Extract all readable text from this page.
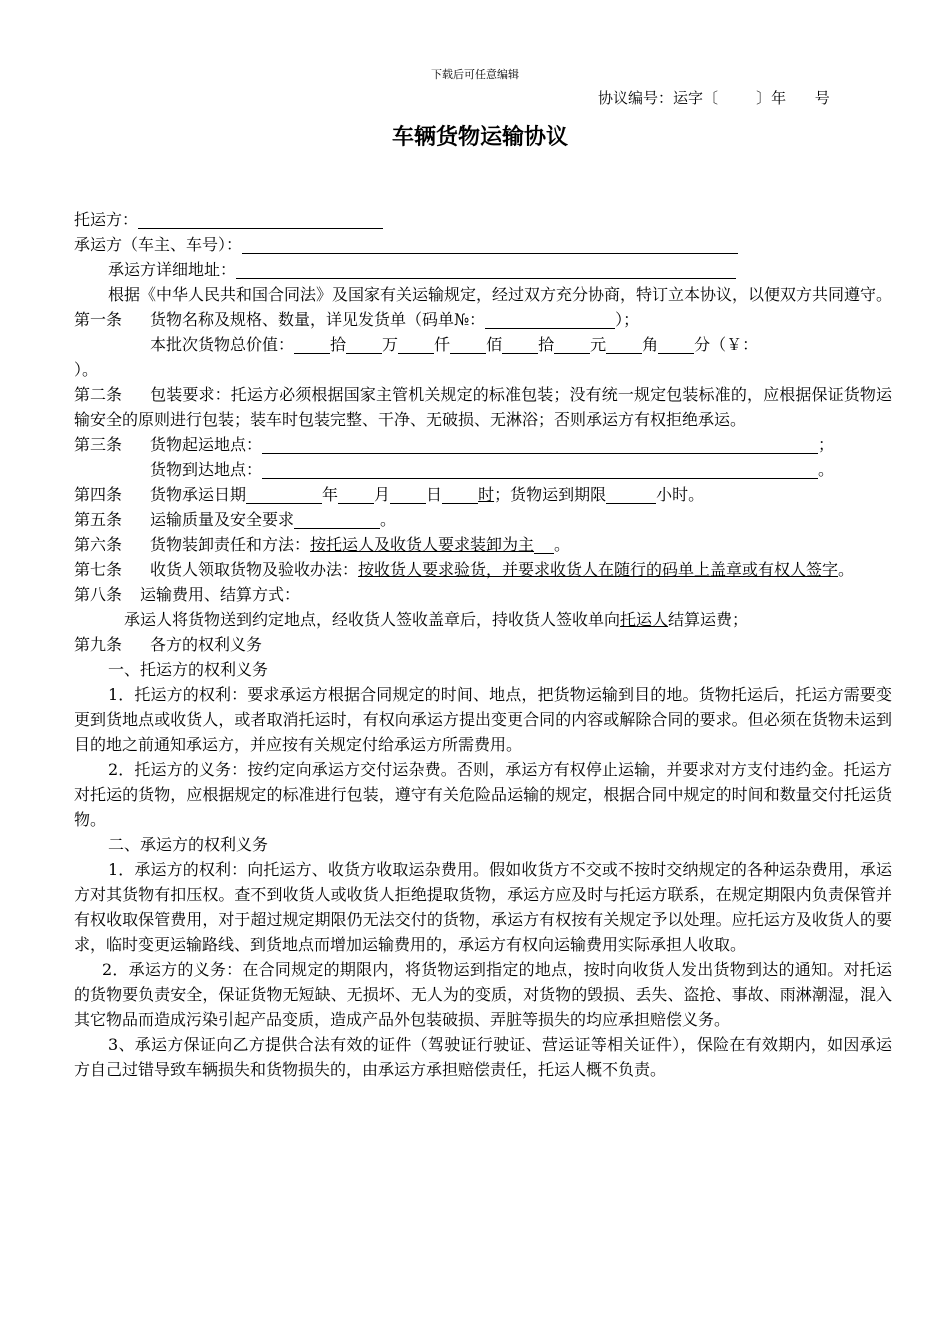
下载后可任意编辑
协议编号：运字〔        〕年      号
车辆货物运输协议
托运方：
承运方（车主、车号）：
承运方详细地址：
根据《中华人民共和国合同法》及国家有关运输规定，经过双方充分协商，特订立本协议，以便双方共同遵守。
第一条 货物名称及规格、数量，详见发货单（码单№：	）；
本批次货物总价值： 拾 万 仟 佰 拾 元 角 分（￥：
）。
第二条 包装要求：托运方必须根据国家主管机关规定的标准包装；没有统一规定包装标准的，应根据保证货物运输安全的原则进行包装；装车时包装完整、干净、无破损、无淋浴；否则承运方有权拒绝承运。
第三条 货物起运地点：	；
货物到达地点：	。
第四条 货物承运日期	年 月 日 时；货物运到期限	小时。
第五条 运输质量及安全要求	。
第六条 货物装卸责任和方法：按托运人及收货人要求装卸为主 。
第七条 收货人领取货物及验收办法：按收货人要求验货，并要求收货人在随行的码单上盖章或有权人签字。
第八条 运输费用、结算方式：
承运人将货物送到约定地点，经收货人签收盖章后，持收货人签收单向托运人结算运费；
第九条 各方的权利义务
一、托运方的权利义务
1．托运方的权利：要求承运方根据合同规定的时间、地点，把货物运输到目的地。货物托运后，托运方需要变更到货地点或收货人，或者取消托运时，有权向承运方提出变更合同的内容或解除合同的要求。但必须在货物未运到目的地之前通知承运方，并应按有关规定付给承运方所需费用。
2．托运方的义务：按约定向承运方交付运杂费。否则，承运方有权停止运输，并要求对方支付违约金。托运方对托运的货物，应根据规定的标准进行包装，遵守有关危险品运输的规定，根据合同中规定的时间和数量交付托运货物。
二、承运方的权利义务
1．承运方的权利：向托运方、收货方收取运杂费用。假如收货方不交或不按时交纳规定的各种运杂费用，承运方对其货物有扣压权。查不到收货人或收货人拒绝提取货物，承运方应及时与托运方联系，在规定期限内负责保管并有权收取保管费用，对于超过规定期限仍无法交付的货物，承运方有权按有关规定予以处理。应托运方及收货人的要求，临时变更运输路线、到货地点而增加运输费用的，承运方有权向运输费用实际承担人收取。
2．承运方的义务：在合同规定的期限内，将货物运到指定的地点，按时向收货人发出货物到达的通知。对托运的货物要负责安全，保证货物无短缺、无损坏、无人为的变质，对货物的毁损、丢失、盗抢、事故、雨淋潮湿，混入其它物品而造成污染引起产品变质，造成产品外包装破损、弄脏等损失的均应承担赔偿义务。
3、承运方保证向乙方提供合法有效的证件（驾驶证行驶证、营运证等相关证件），保险在有效期内，如因承运方自己过错导致车辆损失和货物损失的，由承运方承担赔偿责任，托运人概不负责。
